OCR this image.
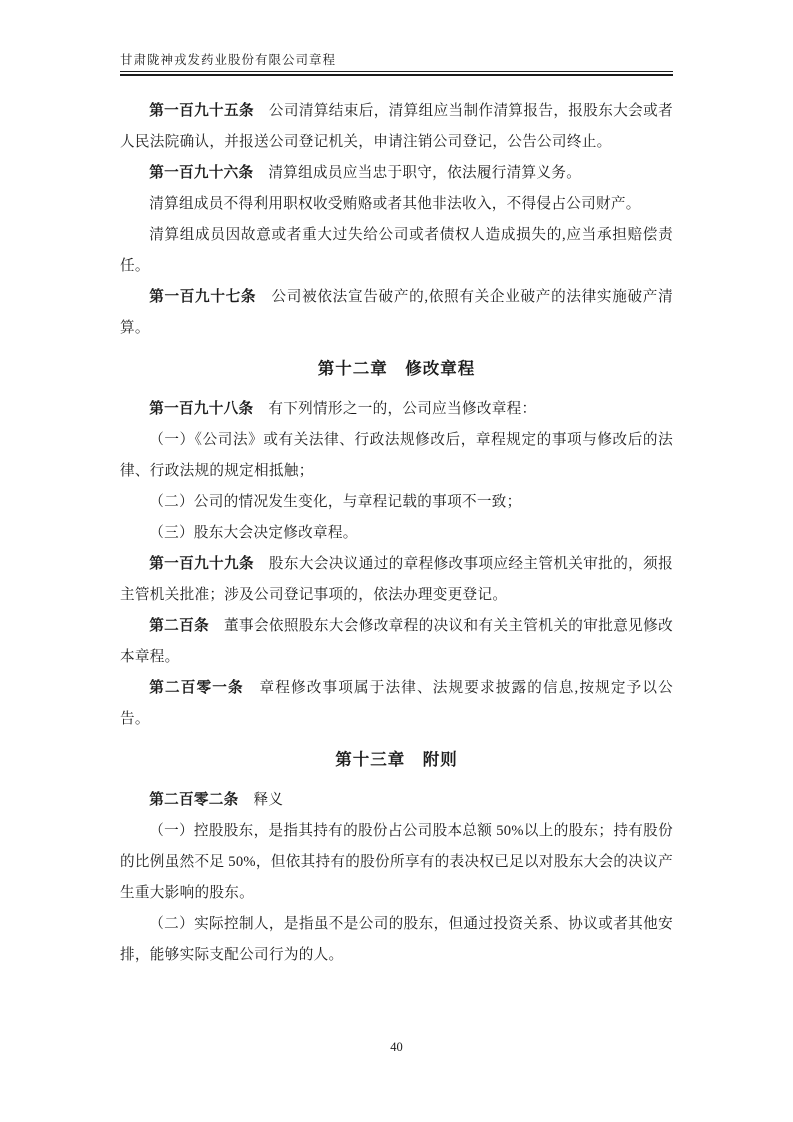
甘肃陇神戎发药业股份有限公司章程

第一百九十五条　公司清算结束后，清算组应当制作清算报告，报股东大会或者人民法院确认，并报送公司登记机关，申请注销公司登记，公告公司终止。

第一百九十六条　清算组成员应当忠于职守，依法履行清算义务。

清算组成员不得利用职权收受贿赂或者其他非法收入，不得侵占公司财产。

清算组成员因故意或者重大过失给公司或者债权人造成损失的,应当承担赔偿责任。

第一百九十七条　公司被依法宣告破产的,依照有关企业破产的法律实施破产清算。

第十二章　修改章程

第一百九十八条　有下列情形之一的，公司应当修改章程：

（一）《公司法》或有关法律、行政法规修改后，章程规定的事项与修改后的法律、行政法规的规定相抵触；

（二）公司的情况发生变化，与章程记载的事项不一致；

（三）股东大会决定修改章程。

第一百九十九条　股东大会决议通过的章程修改事项应经主管机关审批的，须报主管机关批准；涉及公司登记事项的，依法办理变更登记。

第二百条　董事会依照股东大会修改章程的决议和有关主管机关的审批意见修改本章程。

第二百零一条　章程修改事项属于法律、法规要求披露的信息,按规定予以公告。

第十三章　附则

第二百零二条　释义

（一）控股股东，是指其持有的股份占公司股本总额 50%以上的股东；持有股份的比例虽然不足 50%，但依其持有的股份所享有的表决权已足以对股东大会的决议产生重大影响的股东。

（二）实际控制人，是指虽不是公司的股东，但通过投资关系、协议或者其他安排，能够实际支配公司行为的人。

40
